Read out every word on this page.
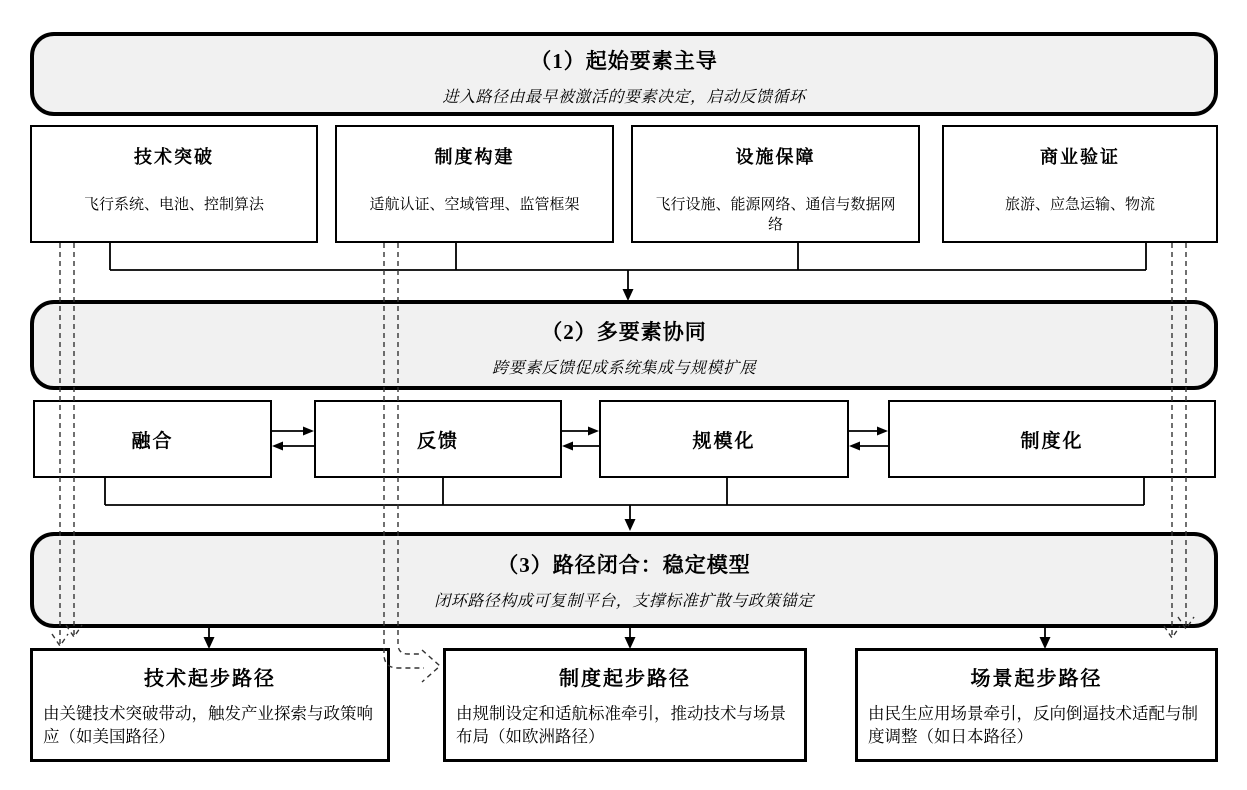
（1）起始要素主导
进入路径由最早被激活的要素决定，启动反馈循环
技术突破
飞行系统、电池、控制算法
制度构建
适航认证、空域管理、监管框架
设施保障
飞行设施、能源网络、通信与数据网络
商业验证
旅游、应急运输、物流
（2）多要素协同
跨要素反馈促成系统集成与规模扩展
融合	反馈	规模化	制度化
（3）路径闭合：稳定模型
闭环路径构成可复制平台，支撑标准扩散与政策锚定
技术起步路径
由关键技术突破带动，触发产业探索与政策响应（如美国路径）
制度起步路径
由规制设定和适航标准牵引，推动技术与场景布局（如欧洲路径）
场景起步路径
由民生应用场景牵引，反向倒逼技术适配与制度调整（如日本路径）
